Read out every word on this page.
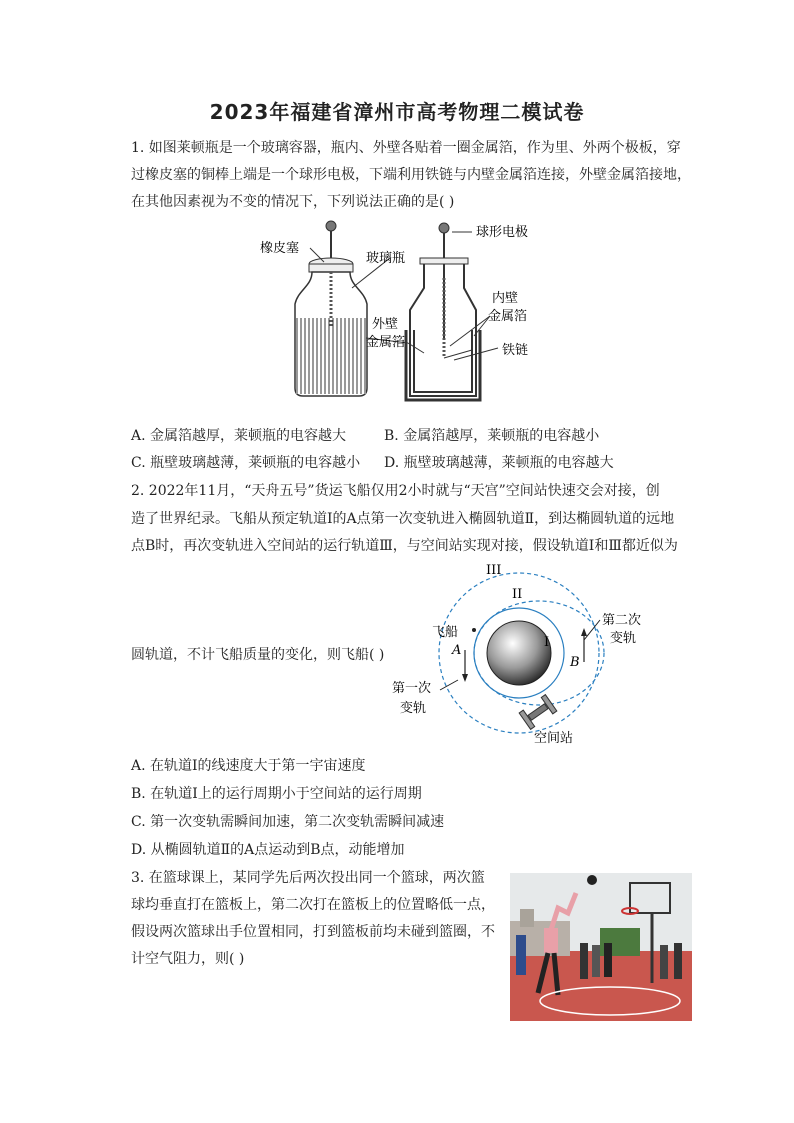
2023年福建省漳州市高考物理二模试卷
1. 如图莱顿瓶是一个玻璃容器，瓶内、外壁各贴着一圈金属箔，作为里、外两个极板，穿
过橡皮塞的铜棒上端是一个球形电极，下端利用铁链与内壁金属箔连接，外壁金属箔接地，
在其他因素视为不变的情况下，下列说法正确的是( )
橡皮塞
玻璃瓶
球形电极
内壁
金属箔
外壁
金属箔
铁链
A. 金属箔越厚，莱顿瓶的电容越大	B. 金属箔越厚，莱顿瓶的电容越小
C. 瓶壁玻璃越薄，莱顿瓶的电容越小 D. 瓶壁玻璃越薄，莱顿瓶的电容越大
2. 2022年11月，“天舟五号”货运飞船仅用2小时就与“天宫”空间站快速交会对接，创
造了世界纪录。飞船从预定轨道Ⅰ的A点第一次变轨进入椭圆轨道Ⅱ，到达椭圆轨道的远地
点B时，再次变轨进入空间站的运行轨道Ⅲ，与空间站实现对接，假设轨道Ⅰ和Ⅲ都近似为
圆轨道，不计飞船质量的变化，则飞船( )
III
II
I
飞船
A
B
第二次
变轨
第一次
变轨
空间站
A. 在轨道Ⅰ的线速度大于第一宇宙速度
B. 在轨道Ⅰ上的运行周期小于空间站的运行周期
C. 第一次变轨需瞬间加速，第二次变轨需瞬间减速
D. 从椭圆轨道Ⅱ的A点运动到B点，动能增加
3. 在篮球课上，某同学先后两次投出同一个篮球，两次篮
球均垂直打在篮板上，第二次打在篮板上的位置略低一点，
假设两次篮球出手位置相同，打到篮板前均未碰到篮圈，不
计空气阻力，则( )
